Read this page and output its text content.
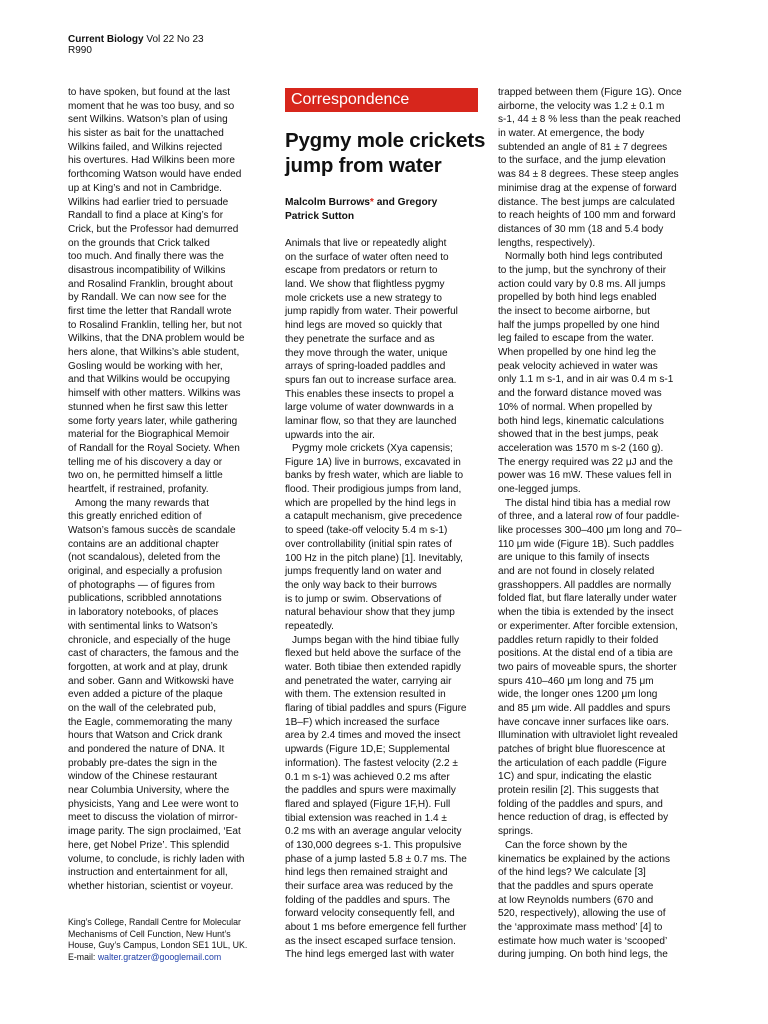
Current Biology Vol 22 No 23
R990
to have spoken, but found at the last
moment that he was too busy, and so
sent Wilkins. Watson’s plan of using
his sister as bait for the unattached
Wilkins failed, and Wilkins rejected
his overtures. Had Wilkins been more
forthcoming Watson would have ended
up at King’s and not in Cambridge.
Wilkins had earlier tried to persuade
Randall to find a place at King’s for
Crick, but the Professor had demurred
on the grounds that Crick talked
too much. And finally there was the
disastrous incompatibility of Wilkins
and Rosalind Franklin, brought about
by Randall. We can now see for the
first time the letter that Randall wrote
to Rosalind Franklin, telling her, but not
Wilkins, that the DNA problem would be
hers alone, that Wilkins’s able student,
Gosling would be working with her,
and that Wilkins would be occupying
himself with other matters. Wilkins was
stunned when he first saw this letter
some forty years later, while gathering
material for the Biographical Memoir
of Randall for the Royal Society. When
telling me of his discovery a day or
two on, he permitted himself a little
heartfelt, if restrained, profanity.
Among the many rewards that
this greatly enriched edition of
Watson’s famous succès de scandale
contains are an additional chapter
(not scandalous), deleted from the
original, and especially a profusion
of photographs — of figures from
publications, scribbled annotations
in laboratory notebooks, of places
with sentimental links to Watson’s
chronicle, and especially of the huge
cast of characters, the famous and the
forgotten, at work and at play, drunk
and sober. Gann and Witkowski have
even added a picture of the plaque
on the wall of the celebrated pub,
the Eagle, commemorating the many
hours that Watson and Crick drank
and pondered the nature of DNA. It
probably pre-dates the sign in the
window of the Chinese restaurant
near Columbia University, where the
physicists, Yang and Lee were wont to
meet to discuss the violation of mirror-
image parity. The sign proclaimed, ‘Eat
here, get Nobel Prize’. This splendid
volume, to conclude, is richly laden with
instruction and entertainment for all,
whether historian, scientist or voyeur.
King’s College, Randall Centre for Molecular
Mechanisms of Cell Function, New Hunt’s
House, Guy’s Campus, London SE1 1UL, UK.
E-mail: walter.gratzer@googlemail.com
Correspondence
Pygmy mole crickets
jump from water
Malcolm Burrows* and Gregory
Patrick Sutton
Animals that live or repeatedly alight
on the surface of water often need to
escape from predators or return to
land. We show that flightless pygmy
mole crickets use a new strategy to
jump rapidly from water. Their powerful
hind legs are moved so quickly that
they penetrate the surface and as
they move through the water, unique
arrays of spring-loaded paddles and
spurs fan out to increase surface area.
This enables these insects to propel a
large volume of water downwards in a
laminar flow, so that they are launched
upwards into the air.
Pygmy mole crickets (Xya capensis;
Figure 1A) live in burrows, excavated in
banks by fresh water, which are liable to
flood. Their prodigious jumps from land,
which are propelled by the hind legs in
a catapult mechanism, give precedence
to speed (take-off velocity 5.4 m s-1)
over controllability (initial spin rates of
100 Hz in the pitch plane) [1]. Inevitably,
jumps frequently land on water and
the only way back to their burrows
is to jump or swim. Observations of
natural behaviour show that they jump
repeatedly.
Jumps began with the hind tibiae fully
flexed but held above the surface of the
water. Both tibiae then extended rapidly
and penetrated the water, carrying air
with them. The extension resulted in
flaring of tibial paddles and spurs (Figure
1B–F) which increased the surface
area by 2.4 times and moved the insect
upwards (Figure 1D,E; Supplemental
information). The fastest velocity (2.2 ±
0.1 m s-1) was achieved 0.2 ms after
the paddles and spurs were maximally
flared and splayed (Figure 1F,H). Full
tibial extension was reached in 1.4 ±
0.2 ms with an average angular velocity
of 130,000 degrees s-1. This propulsive
phase of a jump lasted 5.8 ± 0.7 ms. The
hind legs then remained straight and
their surface area was reduced by the
folding of the paddles and spurs. The
forward velocity consequently fell, and
about 1 ms before emergence fell further
as the insect escaped surface tension.
The hind legs emerged last with water
trapped between them (Figure 1G). Once
airborne, the velocity was 1.2 ± 0.1 m
s-1, 44 ± 8 % less than the peak reached
in water. At emergence, the body
subtended an angle of 81 ± 7 degrees
to the surface, and the jump elevation
was 84 ± 8 degrees. These steep angles
minimise drag at the expense of forward
distance. The best jumps are calculated
to reach heights of 100 mm and forward
distances of 30 mm (18 and 5.4 body
lengths, respectively).
Normally both hind legs contributed
to the jump, but the synchrony of their
action could vary by 0.8 ms. All jumps
propelled by both hind legs enabled
the insect to become airborne, but
half the jumps propelled by one hind
leg failed to escape from the water.
When propelled by one hind leg the
peak velocity achieved in water was
only 1.1 m s-1, and in air was 0.4 m s-1
and the forward distance moved was
10% of normal. When propelled by
both hind legs, kinematic calculations
showed that in the best jumps, peak
acceleration was 1570 m s-2 (160 g).
The energy required was 22 μJ and the
power was 16 mW. These values fell in
one-legged jumps.
The distal hind tibia has a medial row
of three, and a lateral row of four paddle-
like processes 300–400 μm long and 70–
110 μm wide (Figure 1B). Such paddles
are unique to this family of insects
and are not found in closely related
grasshoppers. All paddles are normally
folded flat, but flare laterally under water
when the tibia is extended by the insect
or experimenter. After forcible extension,
paddles return rapidly to their folded
positions. At the distal end of a tibia are
two pairs of moveable spurs, the shorter
spurs 410–460 μm long and 75 μm
wide, the longer ones 1200 μm long
and 85 μm wide. All paddles and spurs
have concave inner surfaces like oars.
Illumination with ultraviolet light revealed
patches of bright blue fluorescence at
the articulation of each paddle (Figure
1C) and spur, indicating the elastic
protein resilin [2]. This suggests that
folding of the paddles and spurs, and
hence reduction of drag, is effected by
springs.
Can the force shown by the
kinematics be explained by the actions
of the hind legs? We calculate [3]
that the paddles and spurs operate
at low Reynolds numbers (670 and
520, respectively), allowing the use of
the ‘approximate mass method’ [4] to
estimate how much water is ‘scooped’
during jumping. On both hind legs, the
